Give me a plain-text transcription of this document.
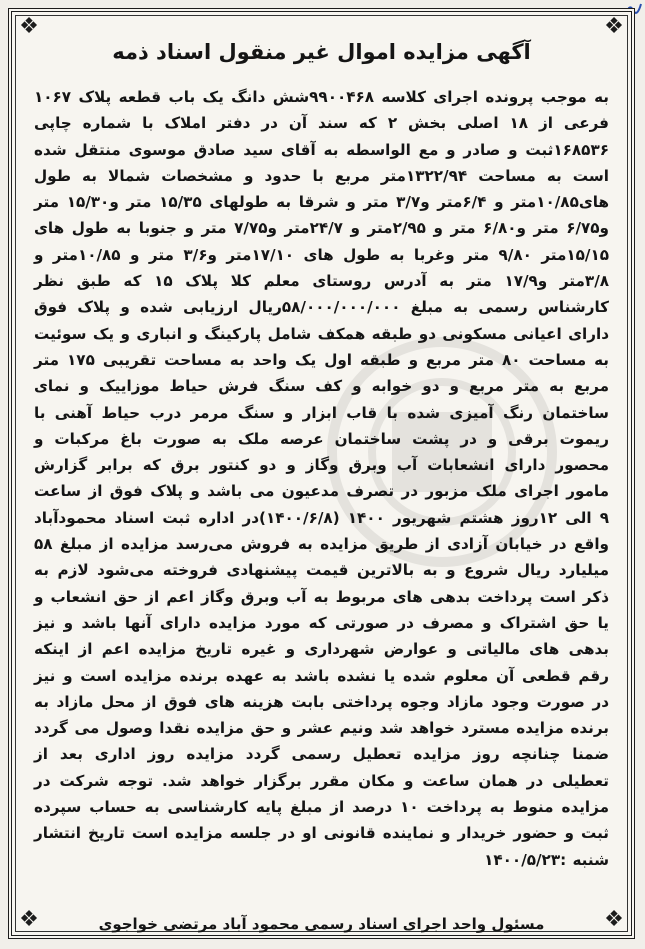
❖	❖
❖	❖
آگهی مزایده اموال غیر منقول اسناد ذمه
به موجب پرونده اجرای کلاسه ۹۹۰۰۴۶۸شش دانگ یک باب قطعه پلاک ۱۰۶۷ فرعی از ۱۸ اصلی بخش ۲ که سند آن در دفتر املاک با شماره چاپی ۱۶۸۵۳۶ثبت و صادر و مع الواسطه به آقای سید صادق موسوی منتقل شده است به مساحت ۱۳۲۲/۹۴متر مربع با حدود و مشخصات شمالا به طول های۱۰/۸۵متر و ۶/۴متر و۳/۷ متر و شرقا به طولهای ۱۵/۳۵ متر و۱۵/۳۰ متر و۶/۷۵ متر و۶/۸۰ متر و ۲/۹۵متر و ۲۴/۷متر و۷/۷۵ متر و جنوبا به طول های ۱۵/۱۵متر ۹/۸۰ متر وغربا به طول های ۱۷/۱۰متر و۳/۶ متر و ۱۰/۸۵متر و ۳/۸متر و۱۷/۹ متر به آدرس روستای معلم کلا پلاک ۱۵ که طبق نظر کارشناس رسمی به مبلغ ۵۸/۰۰۰/۰۰۰/۰۰۰ریال ارزیابی شده و پلاک فوق دارای اعیانی مسکونی دو طبقه همکف شامل پارکینگ و انباری و یک سوئیت به مساحت ۸۰ متر مربع و طبقه اول یک واحد به مساحت تقریبی ۱۷۵ متر مربع به متر مربع و دو خوابه و کف سنگ فرش حیاط موزاییک و نمای ساختمان رنگ آمیزی شده با قاب ابزار و سنگ مرمر درب حیاط آهنی با ریموت برقی و در پشت ساختمان عرصه ملک به صورت باغ مرکبات و محصور دارای انشعابات آب وبرق وگاز و دو کنتور برق که برابر گزارش مامور اجرای ملک مزبور در تصرف مدعیون می باشد و پلاک فوق از ساعت ۹ الی ۱۲روز هشتم شهریور ۱۴۰۰ (۱۴۰۰/۶/۸)در اداره ثبت اسناد محمودآباد واقع در خیابان آزادی از طریق مزایده به فروش می‌رسد مزایده از مبلغ ۵۸ میلیارد ریال شروع و به بالاترین قیمت پیشنهادی فروخته می‌شود لازم به ذکر است پرداخت بدهی های مربوط به آب وبرق وگاز اعم از حق انشعاب و یا حق اشتراک و مصرف در صورتی که مورد مزایده دارای آنها باشد و نیز بدهی های مالیاتی و عوارض شهرداری و غیره تاریخ مزایده اعم از اینکه رقم قطعی آن معلوم شده یا نشده باشد به عهده برنده مزایده است و نیز در صورت وجود مازاد وجوه پرداختی بابت هزینه های فوق از محل مازاد به برنده مزایده مسترد خواهد شد ونیم عشر و حق مزایده نقدا وصول می گردد ضمنا چنانچه روز مزایده تعطیل رسمی گردد مزایده روز اداری بعد از تعطیلی در همان ساعت و مکان مقرر برگزار خواهد شد. توجه شرکت در مزایده منوط به پرداخت ۱۰ درصد از مبلغ پایه کارشناسی به حساب سپرده ثبت و حضور خریدار و نماینده قانونی او در جلسه مزایده است تاریخ انتشار شنبه :۱۴۰۰/۵/۲۳
مسئول واحد اجرای اسناد رسمی محمود آباد مرتضی خواجوی
